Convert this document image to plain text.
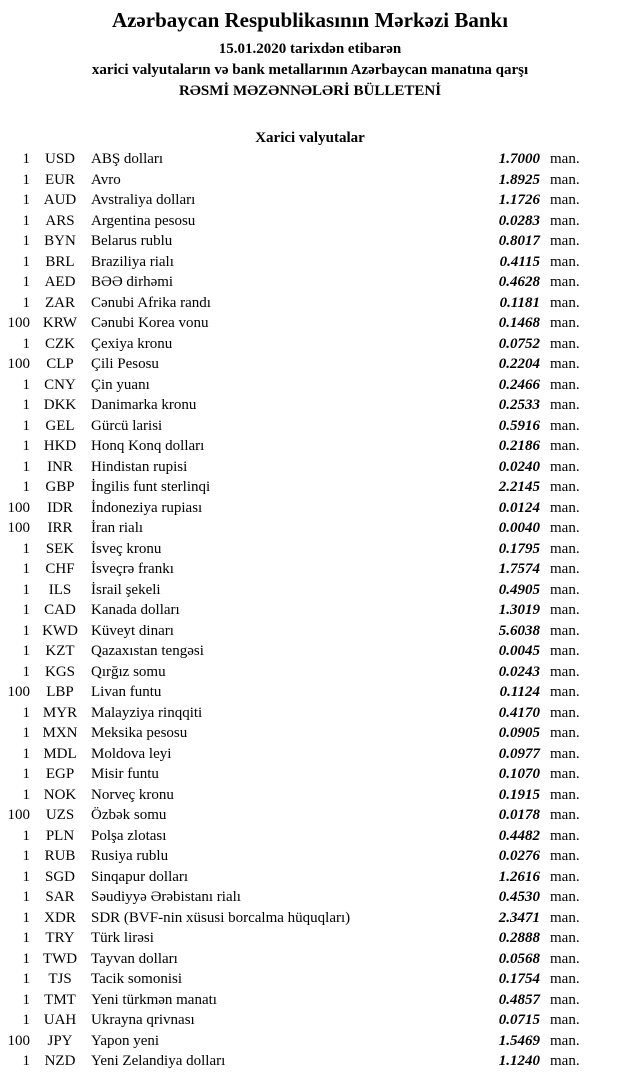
Azərbaycan Respublikasının Mərkəzi Bankı
15.01.2020 tarixdən etibarən
xarici valyutaların və bank metallarının Azərbaycan manatına qarşı
RƏSMİ MƏZƏNNƏLƏRİ BÜLLETENİ
Xarici valyutalar
1 USD	ABŞ dolları	1.7000 man.
1	EUR	Avro	1.8925 man.
1 AUD Avstraliya dolları	1.1726 man.
1	ARS	Argentina pesosu	0.0283 man.
1 BYN	Belarus rublu	0.8017 man.
1	BRL	Braziliya rialı	0.4115 man.
1 AED	BƏƏ dirhəmi	0.4628 man.
1	ZAR	Cənubi Afrika randı	0.1181 man.
100 KRW Cənubi Korea vonu	0.1468 man.
1	CZK	Çexiya kronu	0.0752 man.
100	CLP	Çili Pesosu	0.2204 man.
1 CNY	Çin yuanı	0.2466 man.
1 DKK Danimarka kronu	0.2533 man.
1	GEL	Gürcü larisi	0.5916 man.
1 HKD Honq Konq dolları	0.2186 man.
1	INR	Hindistan rupisi	0.0240 man.
1	GBP	İngilis funt sterlinqi	2.2145 man.
100	IDR	İndoneziya rupiası	0.0124 man.
100	IRR	İran rialı	0.0040 man.
1	SEK	İsveç kronu	0.1795 man.
1	CHF	İsveçrə frankı	1.7574 man.
1	ILS	İsrail şekeli	0.4905 man.
1 CAD	Kanada dolları	1.3019 man.
1 KWD Küveyt dinarı	5.6038 man.
1	KZT	Qazaxıstan tengəsi	0.0045 man.
1 KGS	Qırğız somu	0.0243 man.
100	LBP	Livan funtu	0.1124 man.
1 MYR Malayziya rinqqiti	0.4170 man.
1 MXN Meksika pesosu	0.0905 man.
1 MDL Moldova leyi	0.0977 man.
1	EGP	Misir funtu	0.1070 man.
1 NOK Norveç kronu	0.1915 man.
100	UZS	Özbək somu	0.0178 man.
1	PLN	Polşa zlotası	0.4482 man.
1 RUB	Rusiya rublu	0.0276 man.
1 SGD	Sinqapur dolları	1.2616 man.
1	SAR	Səudiyyə Ərəbistanı rialı	0.4530 man.
1 XDR	SDR (BVF-nin xüsusi borcalma hüquqları)	2.3471 man.
1	TRY	Türk lirəsi	0.2888 man.
1 TWD Tayvan dolları	0.0568 man.
1	TJS	Tacik somonisi	0.1754 man.
1 TMT	Yeni türkmən manatı	0.4857 man.
1 UAH Ukrayna qrivnası	0.0715 man.
100	JPY	Yapon yeni	1.5469 man.
1 NZD	Yeni Zelandiya dolları	1.1240 man.
